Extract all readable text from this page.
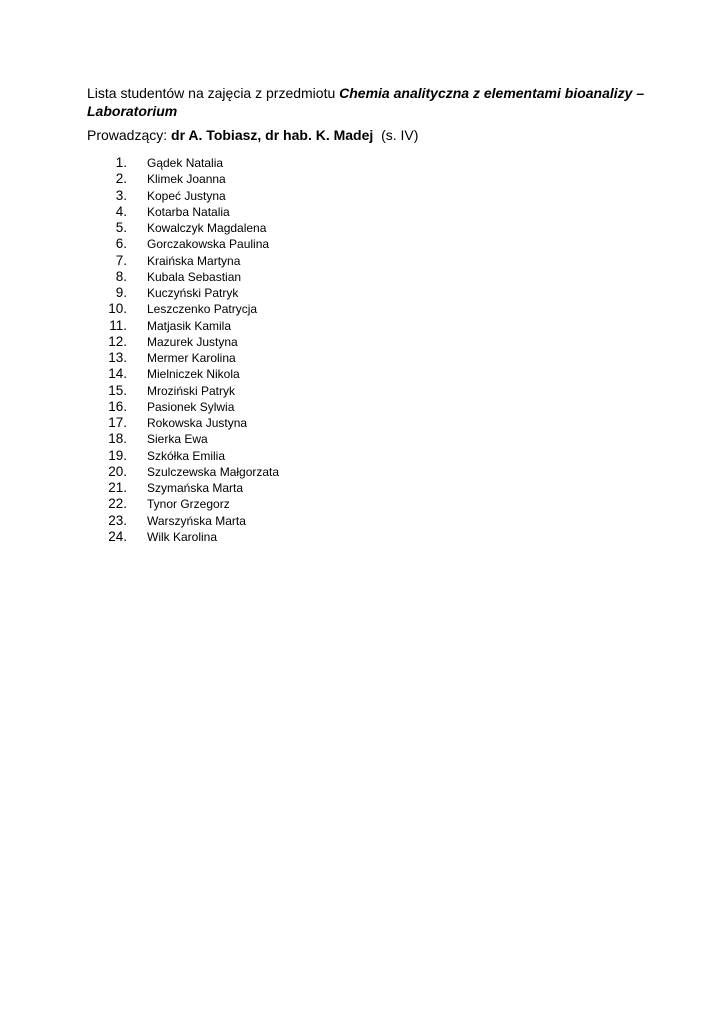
Lista studentów na zajęcia z przedmiotu Chemia analityczna z elementami bioanalizy – Laboratorium

Prowadzący: dr A. Tobiasz, dr hab. K. Madej (s. IV)

1. Gądek Natalia
2. Klimek Joanna
3. Kopeć Justyna
4. Kotarba Natalia
5. Kowalczyk Magdalena
6. Gorczakowska Paulina
7. Kraińska Martyna
8. Kubala Sebastian
9. Kuczyński Patryk
10. Leszczenko Patrycja
11. Matjasik Kamila
12. Mazurek Justyna
13. Mermer Karolina
14. Mielniczek Nikola
15. Mroziński Patryk
16. Pasionek Sylwia
17. Rokowska Justyna
18. Sierka Ewa
19. Szkółka Emilia
20. Szulczewska Małgorzata
21. Szymańska Marta
22. Tynor Grzegorz
23. Warszyńska Marta
24. Wilk Karolina
